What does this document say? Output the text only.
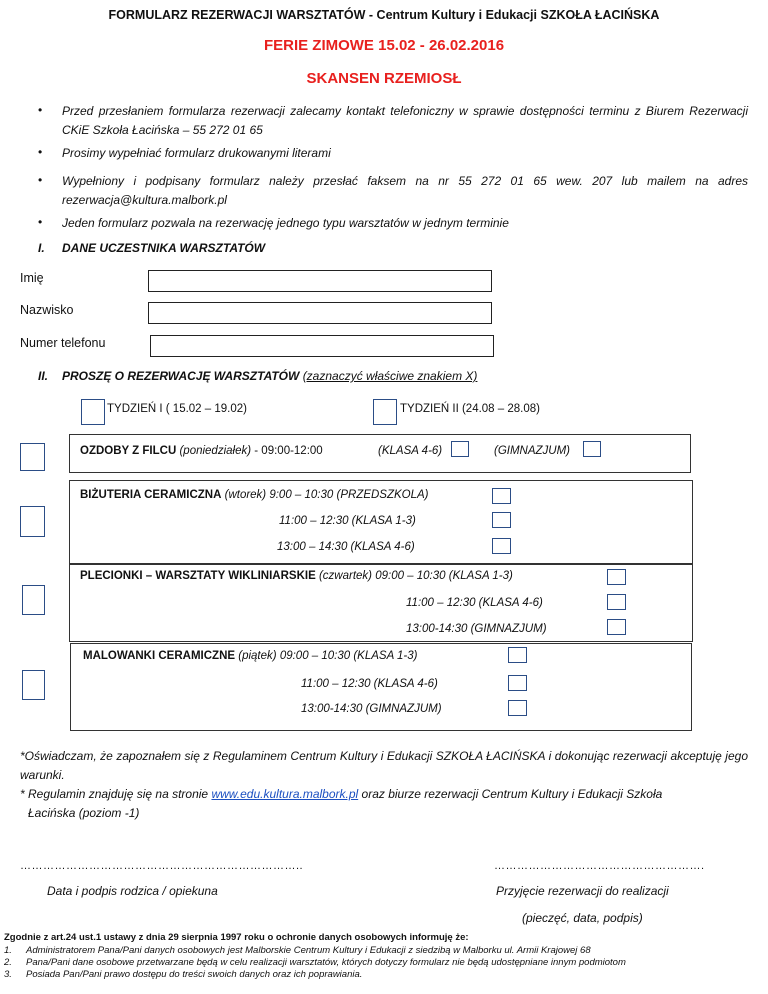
FORMULARZ REZERWACJI WARSZTATÓW - Centrum Kultury i Edukacji SZKOŁA ŁACIŃSKA
FERIE ZIMOWE 15.02 - 26.02.2016
SKANSEN RZEMIOSŁ
• Przed przesłaniem formularza rezerwacji zalecamy kontakt telefoniczny w sprawie dostępności terminu z Biurem Rezerwacji CKiE Szkoła Łacińska – 55 272 01 65
• Prosimy wypełniać formularz drukowanymi literami
• Wypełniony i podpisany formularz należy przesłać faksem na nr 55 272 01 65 wew. 207 lub mailem na adres rezerwacja@kultura.malbork.pl
• Jeden formularz pozwala na rezerwację jednego typu warsztatów w jednym terminie
I. DANE UCZESTNIKA WARSZTATÓW
Imię
Nazwisko
Numer telefonu
II. PROSZĘ O REZERWACJĘ WARSZTATÓW (zaznaczyć właściwe znakiem X)
TYDZIEŃ I ( 15.02 – 19.02)	TYDZIEŃ II (24.08 – 28.08)
OZDOBY Z FILCU (poniedziałek) - 09:00-12:00	(KLASA 4-6)	(GIMNAZJUM)
BIŻUTERIA CERAMICZNA (wtorek) 9:00 – 10:30 (PRZEDSZKOLA)
11:00 – 12:30 (KLASA 1-3)
13:00 – 14:30 (KLASA 4-6)
PLECIONKI – WARSZTATY WIKLINIARSKIE (czwartek) 09:00 – 10:30 (KLASA 1-3)
11:00 – 12:30 (KLASA 4-6)
13:00-14:30 (GIMNAZJUM)
MALOWANKI CERAMICZNE (piątek) 09:00 – 10:30 (KLASA 1-3)
11:00 – 12:30 (KLASA 4-6)
13:00-14:30 (GIMNAZJUM)
*Oświadczam, że zapoznałem się z Regulaminem Centrum Kultury i Edukacji SZKOŁA ŁACIŃSKA i dokonując rezerwacji akceptuję jego warunki.
* Regulamin znajduję się na stronie www.edu.kultura.malbork.pl oraz biurze rezerwacji Centrum Kultury i Edukacji Szkoła
Łacińska (poziom -1)
………………………………………………………………..	……………………………………………….
Data i podpis rodzica / opiekuna	Przyjęcie rezerwacji do realizacji
(pieczęć, data, podpis)
Zgodnie z art.24 ust.1 ustawy z dnia 29 sierpnia 1997 roku o ochronie danych osobowych informuję że:
1. Administratorem Pana/Pani danych osobowych jest Malborskie Centrum Kultury i Edukacji z siedzibą w Malborku ul. Armii Krajowej 68
2. Pana/Pani dane osobowe przetwarzane będą w celu realizacji warsztatów, których dotyczy formularz nie będą udostępniane innym podmiotom
3. Posiada Pan/Pani prawo dostępu do treści swoich danych oraz ich poprawiania.
